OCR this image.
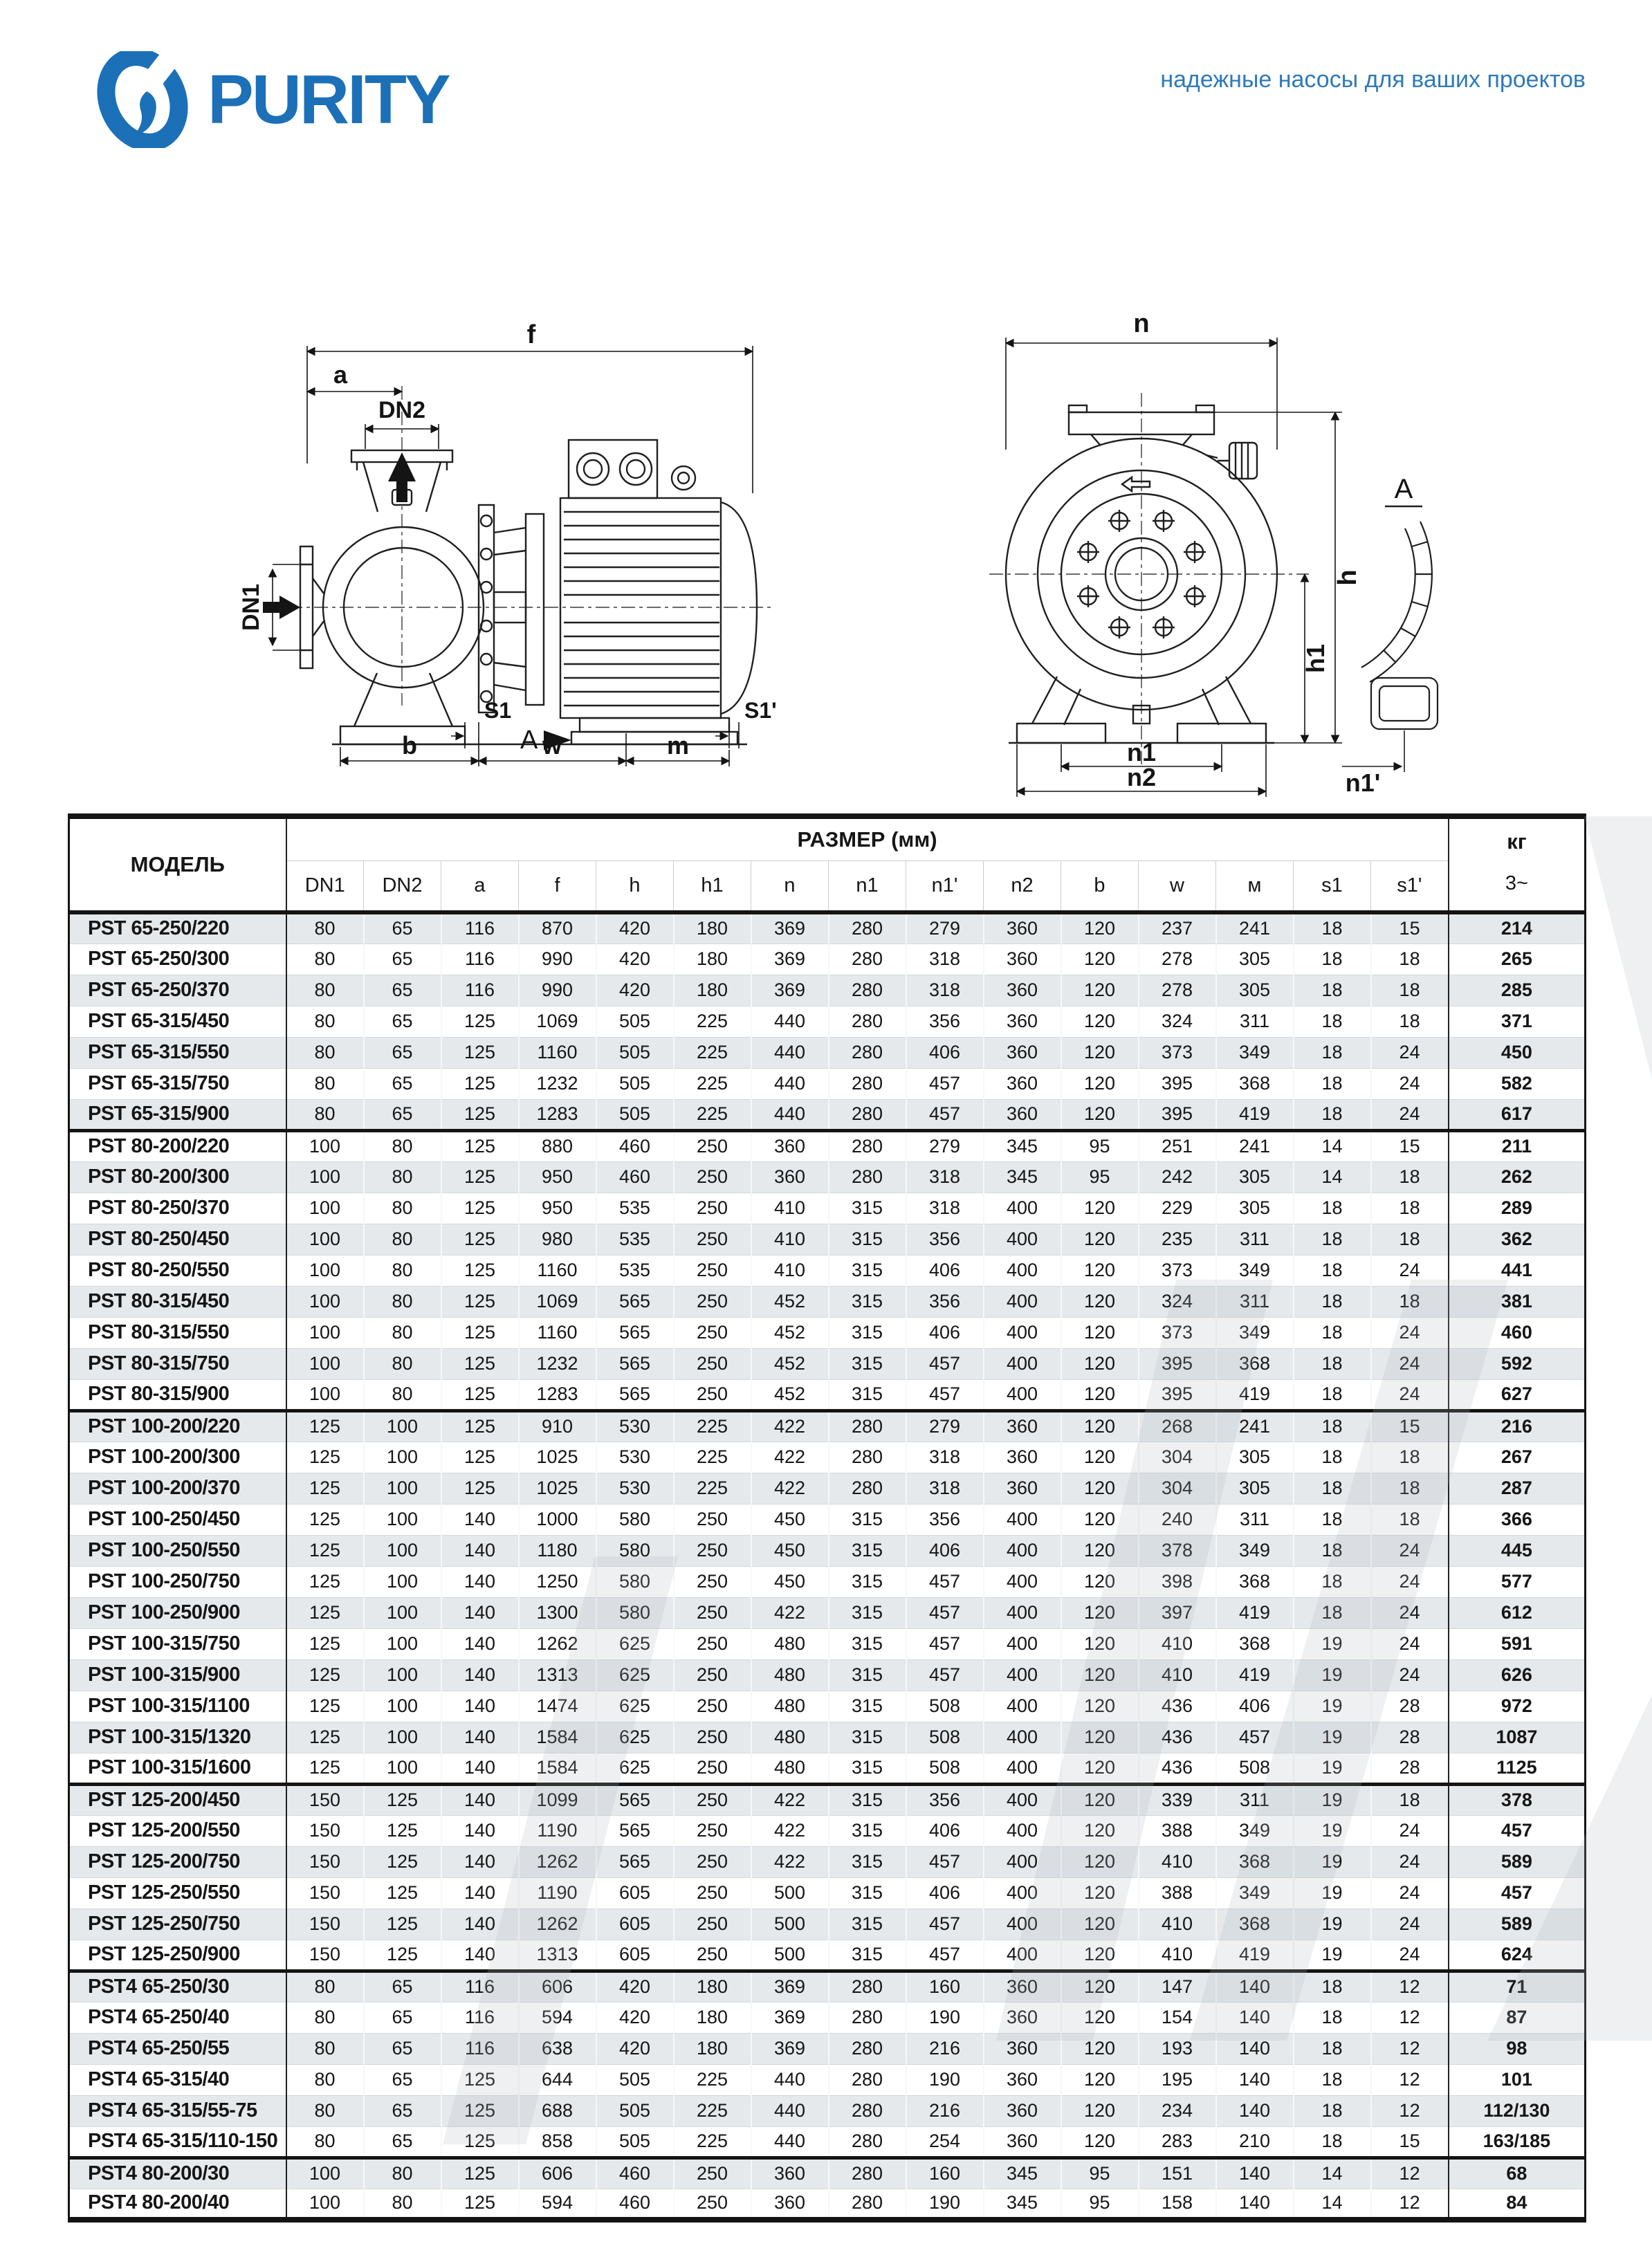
PURITY	надежные насосы для ваших проектов
f
a
DN2
DN1
S1
A
S1'
b	w	m
n
h
h1
n1
n2
A
n1'
МОДЕЛЬ	РАЗМЕР (мм)															кг
3~

	DN1	DN2	a	f	h	h1	n	n1	n1'	n2	b	w	м	s1	s1'	
PST 65-250/220	80	65	116	870	420	180	369	280	279	360	120	237	241	18	15	214
PST 65-250/300	80	65	116	990	420	180	369	280	318	360	120	278	305	18	18	265
PST 65-250/370	80	65	116	990	420	180	369	280	318	360	120	278	305	18	18	285
PST 65-315/450	80	65	125	1069	505	225	440	280	356	360	120	324	311	18	18	371
PST 65-315/550	80	65	125	1160	505	225	440	280	406	360	120	373	349	18	24	450
PST 65-315/750	80	65	125	1232	505	225	440	280	457	360	120	395	368	18	24	582
PST 65-315/900	80	65	125	1283	505	225	440	280	457	360	120	395	419	18	24	617
PST 80-200/220	100	80	125	880	460	250	360	280	279	345	95	251	241	14	15	211
PST 80-200/300	100	80	125	950	460	250	360	280	318	345	95	242	305	14	18	262
PST 80-250/370	100	80	125	950	535	250	410	315	318	400	120	229	305	18	18	289
PST 80-250/450	100	80	125	980	535	250	410	315	356	400	120	235	311	18	18	362
PST 80-250/550	100	80	125	1160	535	250	410	315	406	400	120	373	349	18	24	441
PST 80-315/450	100	80	125	1069	565	250	452	315	356	400	120	324	311	18	18	381
PST 80-315/550	100	80	125	1160	565	250	452	315	406	400	120	373	349	18	24	460
PST 80-315/750	100	80	125	1232	565	250	452	315	457	400	120	395	368	18	24	592
PST 80-315/900	100	80	125	1283	565	250	452	315	457	400	120	395	419	18	24	627
PST 100-200/220	125	100	125	910	530	225	422	280	279	360	120	268	241	18	15	216
PST 100-200/300	125	100	125	1025	530	225	422	280	318	360	120	304	305	18	18	267
PST 100-200/370	125	100	125	1025	530	225	422	280	318	360	120	304	305	18	18	287
PST 100-250/450	125	100	140	1000	580	250	450	315	356	400	120	240	311	18	18	366
PST 100-250/550	125	100	140	1180	580	250	450	315	406	400	120	378	349	18	24	445
PST 100-250/750	125	100	140	1250	580	250	450	315	457	400	120	398	368	18	24	577
PST 100-250/900	125	100	140	1300	580	250	422	315	457	400	120	397	419	18	24	612
PST 100-315/750	125	100	140	1262	625	250	480	315	457	400	120	410	368	19	24	591
PST 100-315/900	125	100	140	1313	625	250	480	315	457	400	120	410	419	19	24	626
PST 100-315/1100	125	100	140	1474	625	250	480	315	508	400	120	436	406	19	28	972
PST 100-315/1320	125	100	140	1584	625	250	480	315	508	400	120	436	457	19	28	1087
PST 100-315/1600	125	100	140	1584	625	250	480	315	508	400	120	436	508	19	28	1125
PST 125-200/450	150	125	140	1099	565	250	422	315	356	400	120	339	311	19	18	378
PST 125-200/550	150	125	140	1190	565	250	422	315	406	400	120	388	349	19	24	457
PST 125-200/750	150	125	140	1262	565	250	422	315	457	400	120	410	368	19	24	589
PST 125-250/550	150	125	140	1190	605	250	500	315	406	400	120	388	349	19	24	457
PST 125-250/750	150	125	140	1262	605	250	500	315	457	400	120	410	368	19	24	589
PST 125-250/900	150	125	140	1313	605	250	500	315	457	400	120	410	419	19	24	624
PST4 65-250/30	80	65	116	606	420	180	369	280	160	360	120	147	140	18	12	71
PST4 65-250/40	80	65	116	594	420	180	369	280	190	360	120	154	140	18	12	87
PST4 65-250/55	80	65	116	638	420	180	369	280	216	360	120	193	140	18	12	98
PST4 65-315/40	80	65	125	644	505	225	440	280	190	360	120	195	140	18	12	101
PST4 65-315/55-75	80	65	125	688	505	225	440	280	216	360	120	234	140	18	12	112/130
PST4 65-315/110-150	80	65	125	858	505	225	440	280	254	360	120	283	210	18	15	163/185
PST4 80-200/30	100	80	125	606	460	250	360	280	160	345	95	151	140	14	12	68
PST4 80-200/40	100	80	125	594	460	250	360	280	190	345	95	158	140	14	12	84
